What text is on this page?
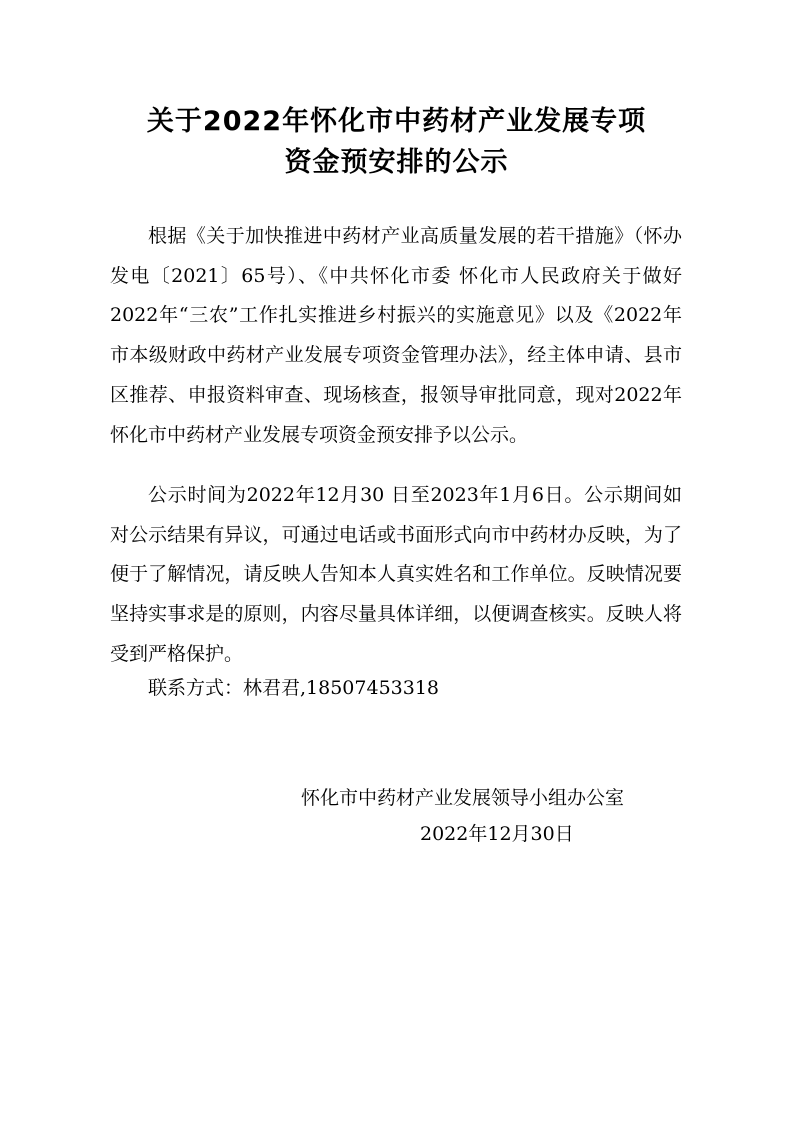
关于2022年怀化市中药材产业发展专项
资金预安排的公示

根据《关于加快推进中药材产业高质量发展的若干措施》（怀办发电〔2021〕65号）、《中共怀化市委 怀化市人民政府关于做好2022年“三农”工作扎实推进乡村振兴的实施意见》以及《2022年市本级财政中药材产业发展专项资金管理办法》，经主体申请、县市区推荐、申报资料审查、现场核查，报领导审批同意，现对2022年怀化市中药材产业发展专项资金预安排予以公示。

公示时间为2022年12月30 日至2023年1月6日。公示期间如对公示结果有异议，可通过电话或书面形式向市中药材办反映，为了便于了解情况，请反映人告知本人真实姓名和工作单位。反映情况要坚持实事求是的原则，内容尽量具体详细，以便调查核实。反映人将受到严格保护。

联系方式：林君君,18507453318

怀化市中药材产业发展领导小组办公室

2022年12月30日
